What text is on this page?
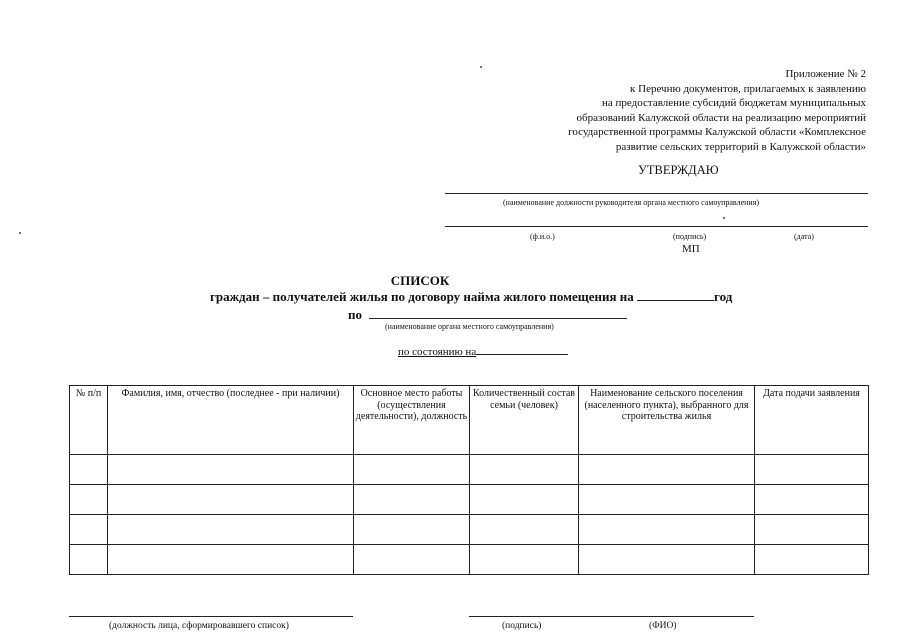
Приложение № 2
к Перечню документов, прилагаемых к заявлению
на предоставление субсидий бюджетам муниципальных
образований Калужской области на реализацию мероприятий
государственной программы Калужской области «Комплексное
развитие сельских территорий в Калужской области»
УТВЕРЖДАЮ
(наименование должности руководителя органа местного самоуправления)
(ф.и.о.)	(подпись)	(дата)
МП
СПИСОК
граждан – получателей жилья по договору найма жилого помещения на	год
по
(наименование органа местного самоуправления)
по состоянию на
№ п/п	Фамилия, имя, отчество (последнее - при наличии)	Основное место работы (осуществления деятельности), должность	Количественный состав семьи (человек)	Наименование сельского поселения (населенного пункта), выбранного для строительства жилья	Дата подачи заявления

(должность лица, сформировавшего список)	(подпись)	(ФИО)
